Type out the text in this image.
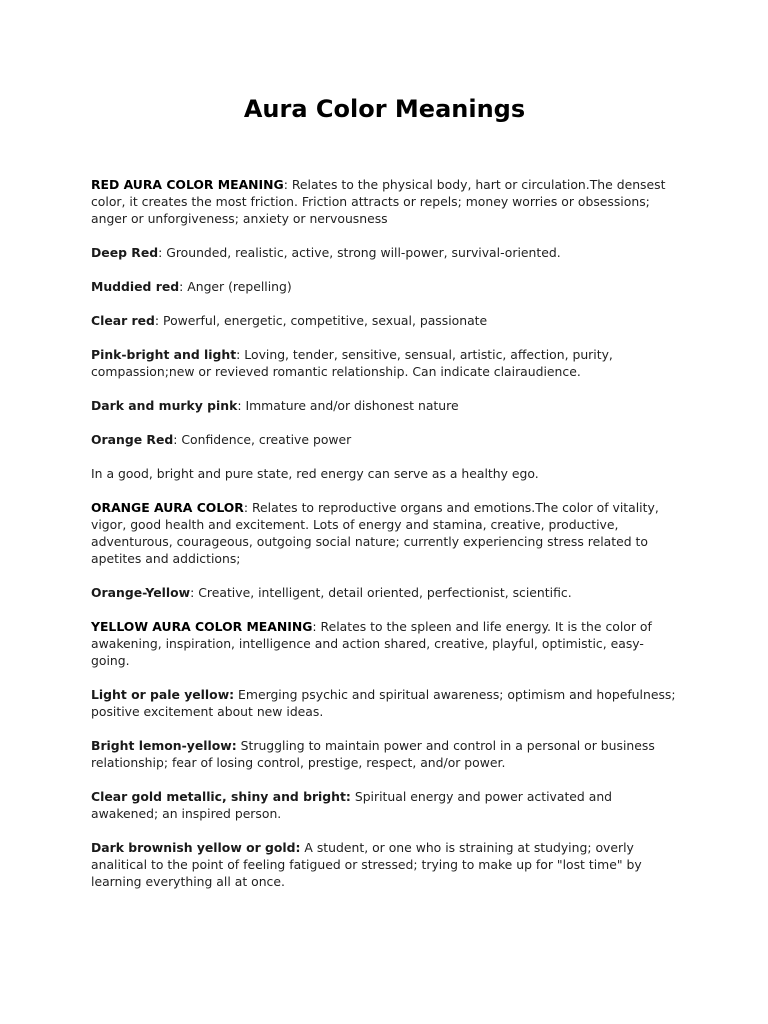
Aura Color Meanings

RED AURA COLOR MEANING: Relates to the physical body, hart or circulation.The densest color, it creates the most friction. Friction attracts or repels; money worries or obsessions; anger or unforgiveness; anxiety or nervousness

Deep Red: Grounded, realistic, active, strong will-power, survival-oriented.

Muddied red: Anger (repelling)

Clear red: Powerful, energetic, competitive, sexual, passionate

Pink-bright and light: Loving, tender, sensitive, sensual, artistic, affection, purity, compassion;new or revieved romantic relationship. Can indicate clairaudience.

Dark and murky pink: Immature and/or dishonest nature

Orange Red: Confidence, creative power

In a good, bright and pure state, red energy can serve as a healthy ego.

ORANGE AURA COLOR: Relates to reproductive organs and emotions.The color of vitality, vigor, good health and excitement. Lots of energy and stamina, creative, productive, adventurous, courageous, outgoing social nature; currently experiencing stress related to apetites and addictions;

Orange-Yellow: Creative, intelligent, detail oriented, perfectionist, scientific.

YELLOW AURA COLOR MEANING: Relates to the spleen and life energy. It is the color of awakening, inspiration, intelligence and action shared, creative, playful, optimistic, easy-going.

Light or pale yellow: Emerging psychic and spiritual awareness; optimism and hopefulness; positive excitement about new ideas.

Bright lemon-yellow: Struggling to maintain power and control in a personal or business relationship; fear of losing control, prestige, respect, and/or power.

Clear gold metallic, shiny and bright: Spiritual energy and power activated and awakened; an inspired person.

Dark brownish yellow or gold: A student, or one who is straining at studying; overly analitical to the point of feeling fatigued or stressed; trying to make up for "lost time" by learning everything all at once.
